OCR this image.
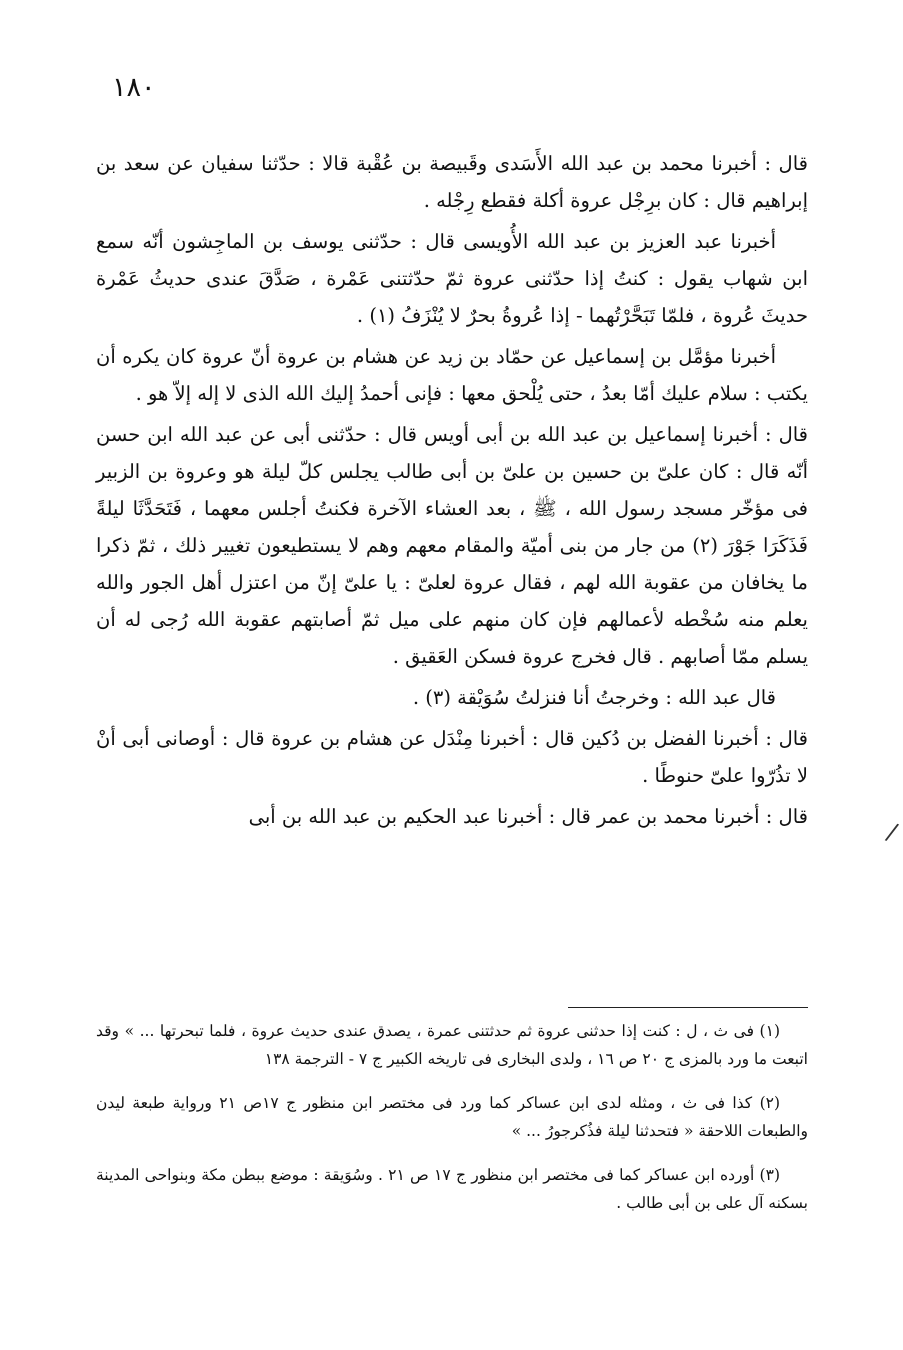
١٨٠

قال : أخبرنا محمد بن عبد الله الأَسَدى وقَبيصة بن عُقْبة قالا : حدّثنا سفيان عن سعد بن إبراهيم قال : كان برِجْل عروة أكلة فقطع رِجْله .

أخبرنا عبد العزيز بن عبد الله الأُويسى قال : حدّثنى يوسف بن الماجِشون أنّه سمع ابن شهاب يقول : كنتُ إذا حدّثنى عروة ثمّ حدّثتنى عَمْرة ، صَدَّقَ عندى حديثُ عَمْرة حديثَ عُروة ، فلمّا تَبَحَّرْتُهما - إذا عُروةُ بحرٌ لا يُنْزَفُ (١) .

أخبرنا مؤمَّل بن إسماعيل عن حمّاد بن زيد عن هشام بن عروة أنّ عروة كان يكره أن يكتب : سلام عليك أمّا بعدُ ، حتى يُلْحق معها : فإنى أحمدُ إليك الله الذى لا إله إلاّ هو .

قال : أخبرنا إسماعيل بن عبد الله بن أبى أويس قال : حدّثنى أبى عن عبد الله ابن حسن أنّه قال : كان علىّ بن حسين بن علىّ بن أبى طالب يجلس كلّ ليلة هو وعروة بن الزبير فى مؤخّر مسجد رسول الله ، ﷺ ، بعد العشاء الآخرة فكنتُ أجلس معهما ، فَتَحَدَّثَا ليلةً فَذَكَرَا جَوْرَ (٢) من جار من بنى أميّة والمقام معهم وهم لا يستطيعون تغيير ذلك ، ثمّ ذكرا ما يخافان من عقوبة الله لهم ، فقال عروة لعلىّ : يا علىّ إنّ من اعتزل أهل الجور والله يعلم منه سُخْطه لأعمالهم فإن كان منهم على ميل ثمّ أصابتهم عقوبة الله رُجى له أن يسلم ممّا أصابهم . قال فخرج عروة فسكن العَقيق .

قال عبد الله : وخرجتُ أنا فنزلتُ سُوَيْقة (٣) .

قال : أخبرنا الفضل بن دُكين قال : أخبرنا مِنْدَل عن هشام بن عروة قال : أوصانى أبى أنْ لا تذُرّوا علىّ حنوطًا .

قال : أخبرنا محمد بن عمر قال : أخبرنا عبد الحكيم بن عبد الله بن أبى

/

(١) فى ث ، ل : كنت إذا حدثنى عروة ثم حدثتنى عمرة ، يصدق عندى حديث عروة ، فلما تبحرتها ... » وقد اتبعت ما ورد بالمزى ج ٢٠ ص ١٦ ، ولدى البخارى فى تاريخه الكبير ج ٧ - الترجمة ١٣٨

(٢) كذا فى ث ، ومثله لدى ابن عساكر كما ورد فى مختصر ابن منظور ج ١٧ص ٢١ ورواية طبعة ليدن والطبعات اللاحقة « فتحدثنا ليلة فذُكرجورُ ... »

(٣) أورده ابن عساكر كما فى مختصر ابن منظور ج ١٧ ص ٢١ . وسُوَيقة : موضع ببطن مكة وبنواحى المدينة بسكنه آل على بن أبى طالب .
